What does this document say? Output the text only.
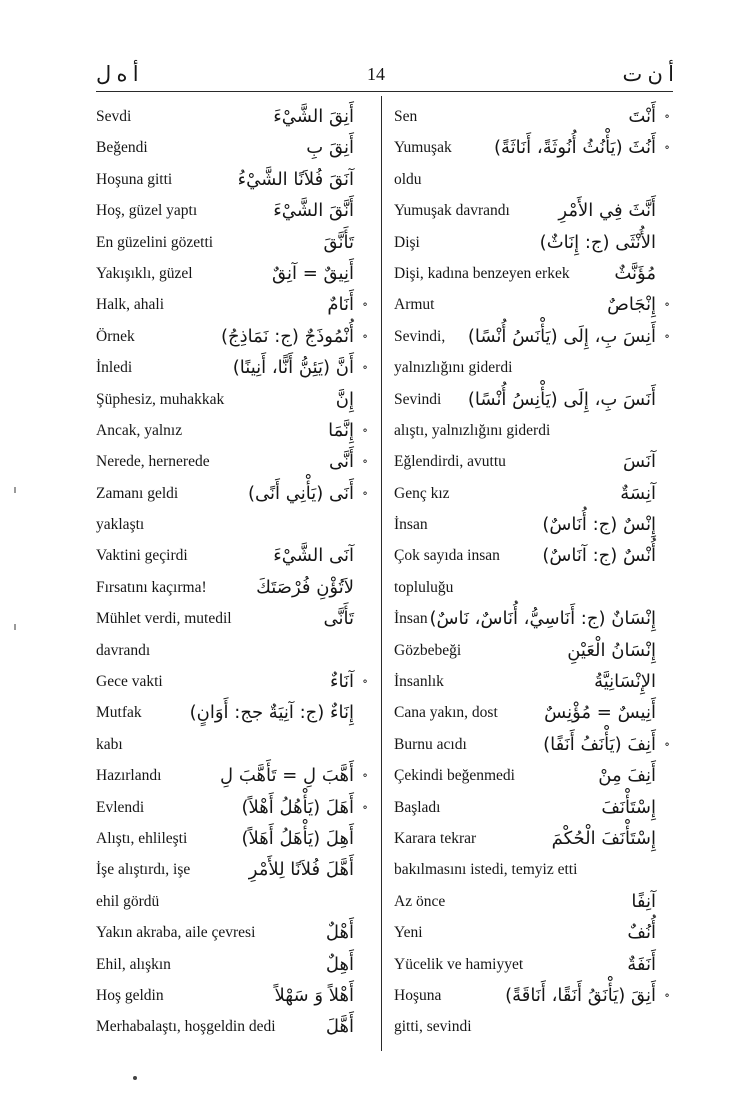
أ ه ل	14	أ ن ت
Sevdi	أَنِقَ الشَّيْءَ
Beğendi	أَنِقَ بِ
Hoşuna gitti	آنَقَ فُلاَنًا الشَّيْءُ
Hoş, güzel yaptı	أَنَّقَ الشَّيْءَ
En güzelini gözetti	تَأَنَّقَ
Yakışıklı, güzel	أَنِيقٌ = آنِقٌ
Halk, ahali	أَنَامٌ ∘
Örnek	أُنْمُوذَجٌ (ج: نَمَاذِجُ) ∘
İnledi	أَنَّ (يَئِنُّ أَنًّا، أَنِينًا) ∘
Şüphesiz, muhakkak	إِنَّ
Ancak, yalnız	إِنَّمَا ∘
Nerede, hernerede	أَنَّى ∘
Zamanı geldi	أَنَى (يَأْنِي أَنًى) ∘
yaklaştı
Vaktini geçirdi	آنَى الشَّيْءَ
Fırsatını kaçırma!	لاَتُؤْنِ فُرْصَتَكَ
Mühlet verdi, mutedil	تَأَنَّى
davrandı
Gece vakti	آنَاءٌ ∘
Mutfak	إِنَاءٌ (ج: آنِيَةٌ جج: أَوَانٍ)
kabı
Hazırlandı	أَهَّبَ لِ = تَأَهَّبَ لِ ∘
Evlendi	أَهَلَ (يَأْهُلُ أَهْلاً) ∘
Alıştı, ehlileşti	أَهِلَ (يَأْهَلُ أَهَلاً)
İşe alıştırdı, işe	أَهَّلَ فُلاَنًا لِلأَمْرِ
ehil gördü
Yakın akraba, aile çevresi	أَهْلٌ
Ehil, alışkın	أَهِلٌ
Hoş geldin	أَهْلاً وَ سَهْلاً
Merhabalaştı, hoşgeldin dedi	أَهَّلَ
Sen	أَنْتَ ∘
Yumuşak أَنُثَ (يَأْنُثُ أُنُوثَةً، أَنَاثَةً) ∘
oldu
Yumuşak davrandı	أَنَّثَ فِي الأَمْرِ
Dişi	الأُنْثَى (ج: إِنَاثٌ)
Dişi, kadına benzeyen erkek مُؤَنَّثٌ
Armut	إِنْجَاصٌ ∘
Sevindi, أَنِسَ بِ، إِلَى (يَأْنَسُ أُنْسًا) ∘
yalnızlığını giderdi
Sevindi أَنَسَ بِ، إِلَى (يَأْنِسُ أُنْسًا)
alıştı, yalnızlığını giderdi
Eğlendirdi, avuttu	آنَسَ
Genç kız	آنِسَةٌ
İnsan	إِنْسٌ (ج: أُنَاسٌ)
Çok sayıda insan أُنْسٌ (ج: آنَاسٌ)
topluluğu
İnsan إِنْسَانٌ (ج: أَنَاسِيُّ، أُنَاسٌ، نَاسٌ)
Gözbebeği	إِنْسَانُ الْعَيْنِ
İnsanlık	الإِنْسَانِيَّةُ
Cana yakın, dost	أَنِيسٌ = مُؤْنِسٌ
Burnu acıdı	أَنِفَ (يَأْنَفُ أَنَفًا) ∘
Çekindi beğenmedi	أَنِفَ مِنْ
Başladı	إِسْتَأْنَفَ
Karara tekrar	إِسْتَأْنَفَ الْحُكْمَ
bakılmasını istedi, temyiz etti
Az önce	آنِفًا
Yeni	أُنُفٌ
Yücelik ve hamiyyet	أَنَفَةٌ
Hoşuna	أَنِقَ (يَأْنَقُ أَنَقًا، أَنَاقَةً) ∘
gitti, sevindi
